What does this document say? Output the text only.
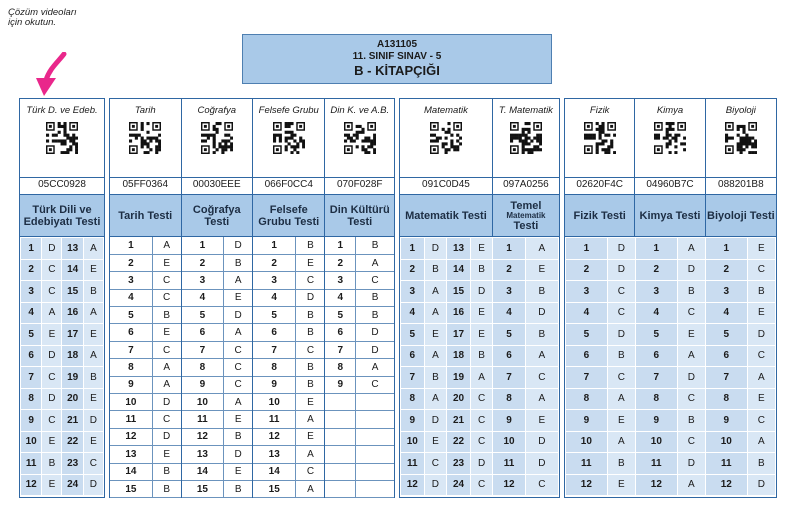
Çözüm videoları
için okutun.
A131105
11. SINIF SINAV - 5
B - KİTAPÇIĞI
Türk D. ve Edeb.
05CC0928
Türk Dili ve Edebiyatı Testi
1	D	13	A
2	C	14	E
3	C	15	B
4	A	16	A
5	E	17	E
6	D	18	A
7	C	19	B
8	D	20	E
9	C	21	D
10	E	22	E
11	B	23	C
12	E	24	D
Tarih
05FF0364
Coğrafya
00030EEE
Felsefe Grubu
066F0CC4
Din K. ve A.B.
070F028F
Tarih Testi	Coğrafya Testi
Felsefe Grubu Testi
Din Kültürü Testi
1	A
2	E
3	C
4	C
5	B
6	E
7	C
8	A
9	A
10	D
11	C
12	D
13	E
14	B
15	B
1	D
2	B
3	A
4	E
5	D
6	A
7	C
8	C
9	C
10	A
11	E
12	B
13	D
14	E
15	B
1	B
2	E
3	C
4	D
5	B
6	B
7	C
8	B
9	B
10	E
11	A
12	E
13	A
14	C
15	A
1	B
2	A
3	C
4	B
5	B
6	D
7	D
8	A
9	C

Matematik
091C0D45
T. Matematik
097A0256
Matematik Testi
Temel
Matematik
Testi
1	D	13	E	1	A
2	B	14	B	2	E
3	A	15	D	3	B
4	A	16	E	4	D
5	E	17	E	5	B
6	A	18	B	6	A
7	B	19	A	7	C
8	A	20	C	8	A
9	D	21	C	9	E
10	E	22	C	10	D
11	C	23	D	11	D
12	D	24	C	12	C
Fizik
02620F4C
Kimya
04960B7C
Biyoloji
088201B8
Fizik Testi	Kimya Testi Biyoloji Testi
1	D	1	A	1	E
2	D	2	D	2	C
3	C	3	B	3	B
4	C	4	C	4	E
5	D	5	E	5	D
6	B	6	A	6	C
7	C	7	D	7	A
8	A	8	C	8	E
9	E	9	B	9	C
10	A	10	C	10	A
11	B	11	D	11	B
12	E	12	A	12	D
